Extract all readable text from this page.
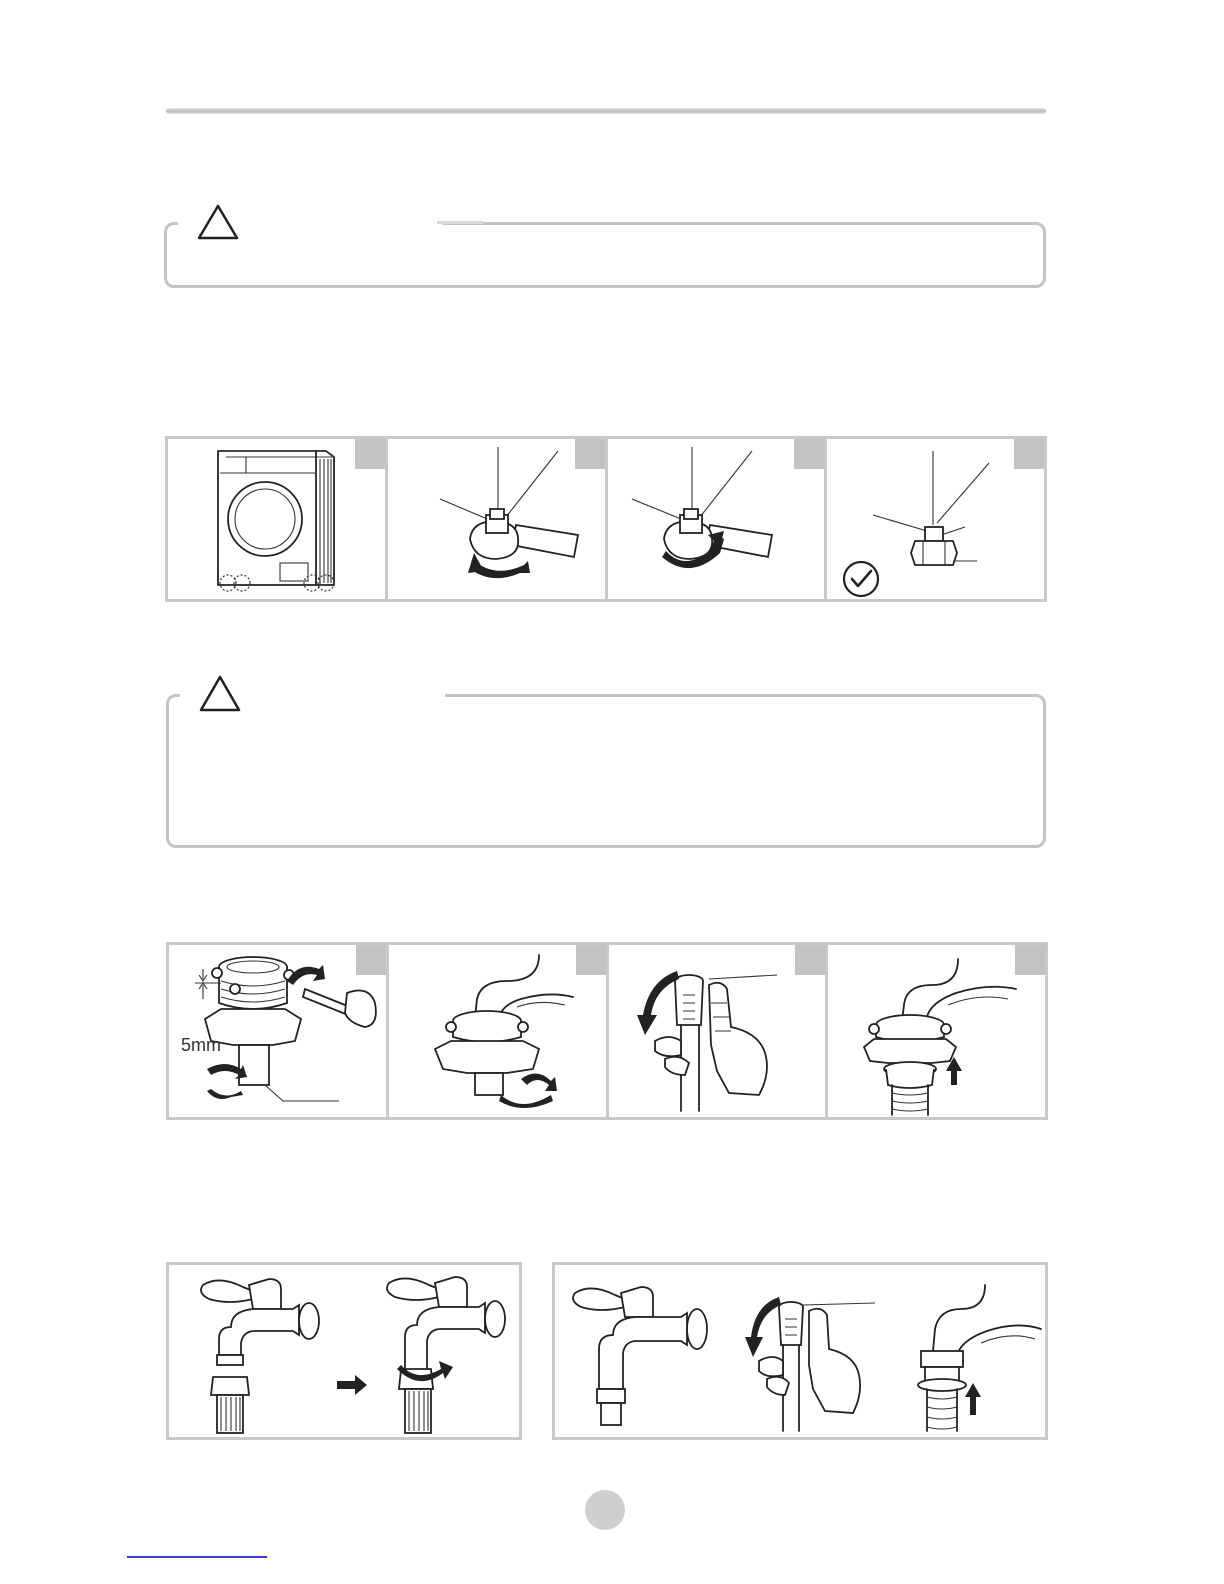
5mm
